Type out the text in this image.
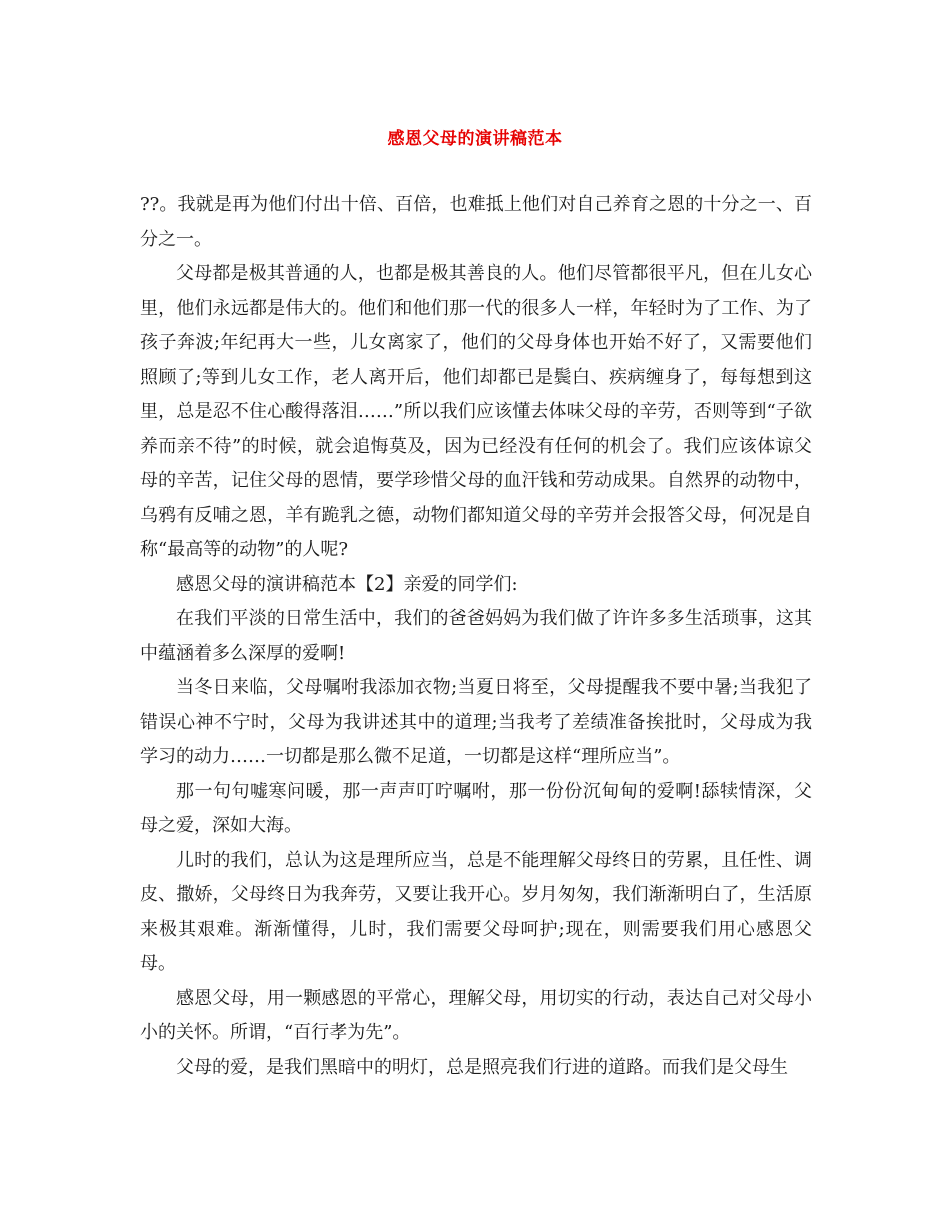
感恩父母的演讲稿范本

??。我就是再为他们付出十倍、百倍，也难抵上他们对自己养育之恩的十分之一、百分之一。

父母都是极其普通的人，也都是极其善良的人。他们尽管都很平凡，但在儿女心里，他们永远都是伟大的。他们和他们那一代的很多人一样，年轻时为了工作、为了孩子奔波;年纪再大一些，儿女离家了，他们的父母身体也开始不好了，又需要他们照顾了;等到儿女工作，老人离开后，他们却都已是鬓白、疾病缠身了，每每想到这里，总是忍不住心酸得落泪……”所以我们应该懂去体味父母的辛劳，否则等到“子欲养而亲不待”的时候，就会追悔莫及，因为已经没有任何的机会了。我们应该体谅父母的辛苦，记住父母的恩情，要学珍惜父母的血汗钱和劳动成果。自然界的动物中，乌鸦有反哺之恩，羊有跪乳之德，动物们都知道父母的辛劳并会报答父母，何况是自称“最高等的动物”的人呢?

感恩父母的演讲稿范本【2】亲爱的同学们:

在我们平淡的日常生活中，我们的爸爸妈妈为我们做了许许多多生活琐事，这其中蕴涵着多么深厚的爱啊!

当冬日来临，父母嘱咐我添加衣物;当夏日将至，父母提醒我不要中暑;当我犯了错误心神不宁时，父母为我讲述其中的道理;当我考了差绩准备挨批时，父母成为我学习的动力……一切都是那么微不足道，一切都是这样“理所应当”。

那一句句嘘寒问暖，那一声声叮咛嘱咐，那一份份沉甸甸的爱啊!舔犊情深，父母之爱，深如大海。

儿时的我们，总认为这是理所应当，总是不能理解父母终日的劳累，且任性、调皮、撒娇，父母终日为我奔劳，又要让我开心。岁月匆匆，我们渐渐明白了，生活原来极其艰难。渐渐懂得，儿时，我们需要父母呵护;现在，则需要我们用心感恩父母。

感恩父母，用一颗感恩的平常心，理解父母，用切实的行动，表达自己对父母小小的关怀。所谓，“百行孝为先”。

父母的爱，是我们黑暗中的明灯，总是照亮我们行进的道路。而我们是父母生
